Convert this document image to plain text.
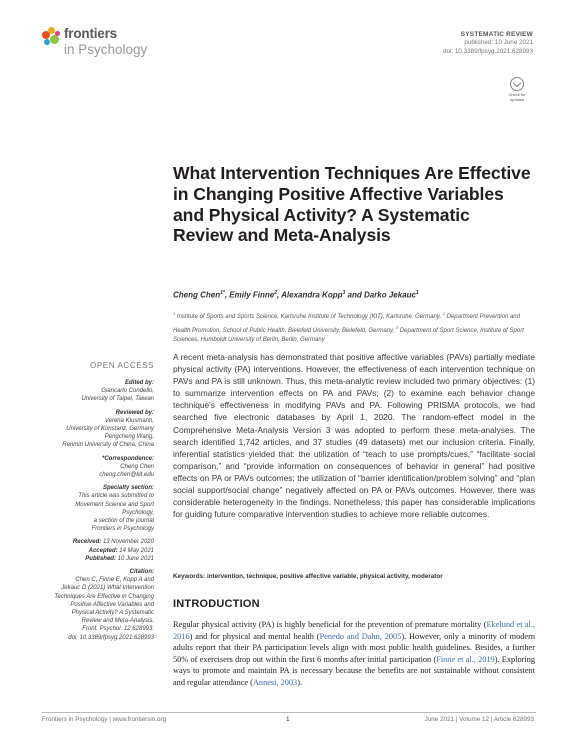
frontiers
in Psychology
SYSTEMATIC REVIEW
published: 10 June 2021
doi: 10.3389/fpsyg.2021.628993
Check for
updates
What Intervention Techniques Are Effective in Changing Positive Affective Variables and Physical Activity? A Systematic Review and Meta-Analysis
Cheng Chen$^{1*}$, Emily Finne$^2$, Alexandra Kopp$^3$ and Darko Jekauc$^1$
$^1$ Institute of Sports and Sports Science, Karlsruhe Institute of Technology (KIT), Karlsruhe, Germany, $^2$ Department Prevention and Health Promotion, School of Public Health, Bielefeld University, Bielefeld, Germany, $^3$ Department of Sport Science, Institute of Sport Sciences, Humboldt University of Berlin, Berlin, Germany
OPEN ACCESS
Edited by:
Giancarlo Condello,
University of Taipei, Taiwan
Reviewed by:
Verena Klusmann,
University of Konstanz, Germany
Pengcheng Wang,
Renmin University of China, China
*Correspondence:
Cheng Chen
cheng.chen@kit.edu
Specialty section:
This article was submitted to
Movement Science and Sport
Psychology,
a section of the journal
Frontiers in Psychology
Received: 13 November 2020
Accepted: 14 May 2021
Published: 10 June 2021
Citation:
Chen C, Finne E, Kopp A and
Jekauc D (2021) What Intervention
Techniques Are Effective in Changing
Positive Affective Variables and
Physical Activity? A Systematic
Review and Meta-Analysis.
Front. Psychol. 12:628993.
doi: 10.3389/fpsyg.2021.628993
A recent meta-analysis has demonstrated that positive affective variables (PAVs) partially mediate physical activity (PA) interventions. However, the effectiveness of each intervention technique on PAVs and PA is still unknown. Thus, this meta-analytic review included two primary objectives: (1) to summarize intervention effects on PA and PAVs; (2) to examine each behavior change technique's effectiveness in modifying PAVs and PA. Following PRISMA protocols, we had searched five electronic databases by April 1, 2020. The random-effect model in the Comprehensive Meta-Analysis Version 3 was adopted to perform these meta-analyses. The search identified 1,742 articles, and 37 studies (49 datasets) met our inclusion criteria. Finally, inferential statistics yielded that: the utilization of “teach to use prompts/cues,” “facilitate social comparison,” and “provide information on consequences of behavior in general” had positive effects on PA or PAVs outcomes; the utilization of “barrier identification/problem solving” and “plan social support/social change” negatively affected on PA or PAVs outcomes. However, there was considerable heterogeneity in the findings. Nonetheless, this paper has considerable implications for guiding future comparative intervention studies to achieve more reliable outcomes.
Keywords: intervention, technique, positive affective variable, physical activity, moderator
INTRODUCTION
Regular physical activity (PA) is highly beneficial for the prevention of premature mortality (Ekelund et al., 2016) and for physical and mental health (Penedo and Dahn, 2005). However, only a minority of modern adults report that their PA participation levels align with most public health guidelines. Besides, a further 50% of exercisers drop out within the first 6 months after initial participation (Finne et al., 2019). Exploring ways to promote and maintain PA is necessary because the benefits are not sustainable without consistent and regular attendance (Annesi, 2003).
Frontiers in Psychology | www.frontiersin.org	1	June 2021 | Volume 12 | Article 628993
